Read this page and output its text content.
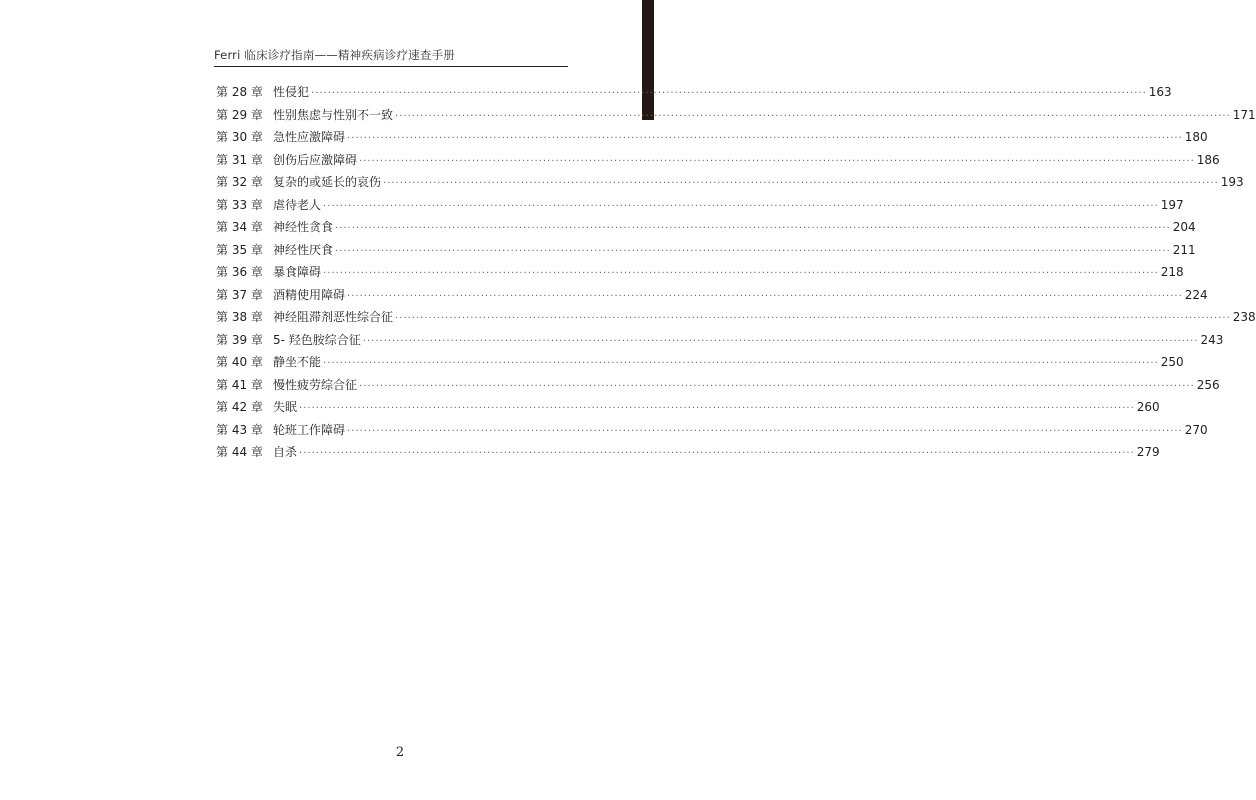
Ferri 临床诊疗指南——精神疾病诊疗速查手册
第 28 章 性侵犯 ········································································································································································································ 163
第 29 章 性别焦虑与性别不一致 ········································································································································································································ 171
第 30 章 急性应激障碍 ········································································································································································································ 180
第 31 章 创伤后应激障碍 ········································································································································································································ 186
第 32 章 复杂的或延长的哀伤 ········································································································································································································ 193
第 33 章 虐待老人 ········································································································································································································ 197
第 34 章 神经性贪食 ········································································································································································································ 204
第 35 章 神经性厌食 ········································································································································································································ 211
第 36 章 暴食障碍 ········································································································································································································ 218
第 37 章 酒精使用障碍 ········································································································································································································ 224
第 38 章 神经阻滞剂恶性综合征 ········································································································································································································ 238
第 39 章 5- 羟色胺综合征 ········································································································································································································ 243
第 40 章 静坐不能 ········································································································································································································ 250
第 41 章 慢性疲劳综合征 ········································································································································································································ 256
第 42 章 失眠 ········································································································································································································ 260
第 43 章 轮班工作障碍 ········································································································································································································ 270
第 44 章 自杀 ········································································································································································································ 279
2
